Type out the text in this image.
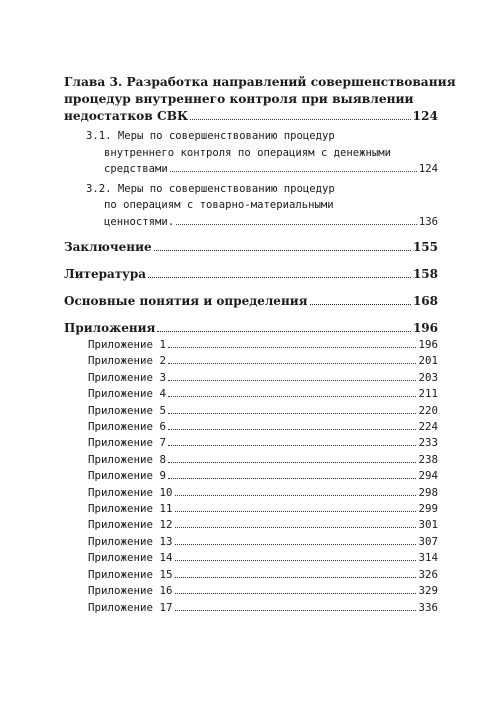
Глава 3. Разработка направлений совершенствования
процедур внутреннего контроля при выявлении
недостатков СВК	124
3.1. Меры по совершенствованию процедур
внутреннего контроля по операциям с денежными
средствами	124
3.2. Меры по совершенствованию процедур
по операциям с товарно-материальными
ценностями.	136
Заключение	155
Литература	158
Основные понятия и определения	168
Приложения	196
Приложение 1	196
Приложение 2	201
Приложение 3	203
Приложение 4	211
Приложение 5	220
Приложение 6	224
Приложение 7	233
Приложение 8	238
Приложение 9	294
Приложение 10	298
Приложение 11	299
Приложение 12	301
Приложение 13	307
Приложение 14	314
Приложение 15	326
Приложение 16	329
Приложение 17	336
